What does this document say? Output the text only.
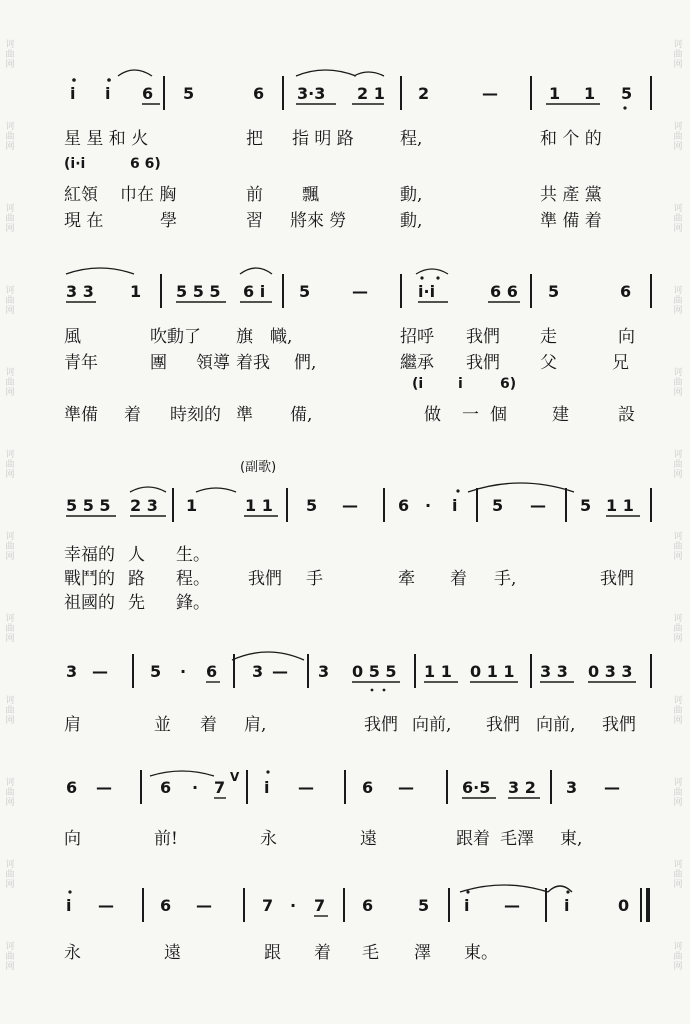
诃
曲
网
诃
曲
网
诃
曲
网
诃
曲
网
诃
曲
网
诃
曲
网
诃
曲
网
诃
曲
网
诃
曲
网
诃
曲
网
诃
曲
网
诃
曲
网
诃
曲
网
诃
曲
网
诃
曲
网
诃
曲
网
诃
曲
网
诃
曲
网
诃
曲
网
诃
曲
网
诃
曲
网
诃
曲
网
诃
曲
网
诃
曲
网
i i 6 5	6 3·3 2 1 2	—	1 1 5
星 星 和 火	把 指 明 路	程,	和 个 的
(i·i	6 6)
紅領 巾在 胸	前 飄	動,	共 產 黨
現 在	學	習 將來 勞	動,	準 備 着
3 3 1 5 5 5 6 i 5	—	i·i	6 6 5	6
風	吹動了 旗 幟,	招呼 我們 走	向
青年	團 領導 着我 們,	繼承 我們 父	兄
(i i	6)
準備 着 時刻的 準 備,	做 一 個	建	設
(副歌)
5 5 5 2 3 1	1 1 5 —	6 · i 5 — 5 1 1
幸福的 人 生。
戰鬥的 路 程。 我們 手	牽 着 手,	我們
祖國的 先 鋒。
3 —	5 · 6 3 — 3 0 5 5 1 1 0 1 1 3 3 0 3 3
肩	並 着 肩,	我們 向前, 我們 向前, 我們
6 —	6 · 7
V
i —	6 —	6·5 3 2 3 —
向	前!	永	遠	跟着 毛澤 東,
i —	6 —	7 · 7 6	5 i —	i	0
永	遠	跟 着 毛 澤 東。
